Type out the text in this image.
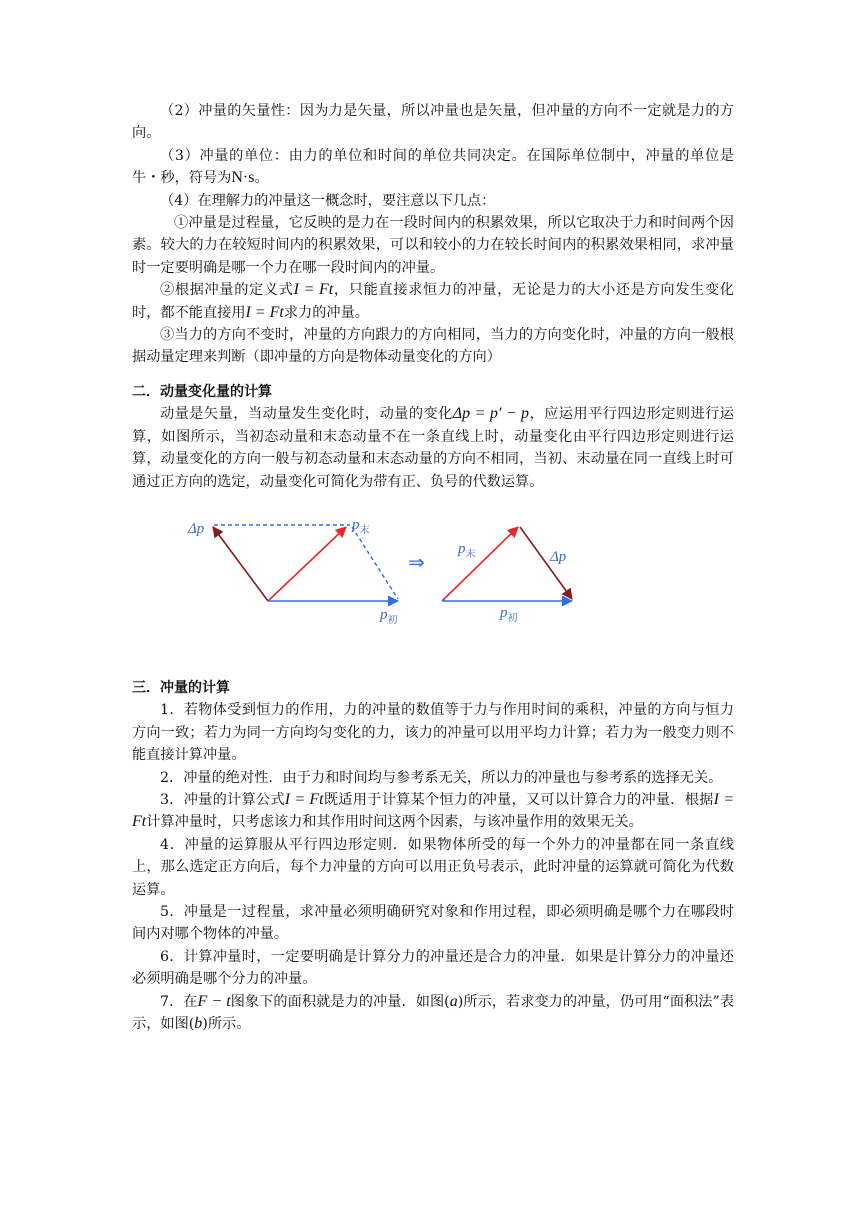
（2）冲量的矢量性：因为力是矢量，所以冲量也是矢量，但冲量的方向不一定就是力的方向。

（3）冲量的单位：由力的单位和时间的单位共同决定。在国际单位制中，冲量的单位是牛・秒，符号为N·s。

（4）在理解力的冲量这一概念时，要注意以下几点：

①冲量是过程量，它反映的是力在一段时间内的积累效果，所以它取决于力和时间两个因素。较大的力在较短时间内的积累效果，可以和较小的力在较长时间内的积累效果相同，求冲量时一定要明确是哪一个力在哪一段时间内的冲量。

②根据冲量的定义式I = Ft，只能直接求恒力的冲量，无论是力的大小还是方向发生变化时，都不能直接用I = Ft求力的冲量。

③当力的方向不变时，冲量的方向跟力的方向相同，当力的方向变化时，冲量的方向一般根据动量定理来判断（即冲量的方向是物体动量变化的方向）

二．动量变化量的计算

动量是矢量，当动量发生变化时，动量的变化Δp = p′ − p，应运用平行四边形定则进行运算，如图所示，当初态动量和末态动量不在一条直线上时，动量变化由平行四边形定则进行运算，动量变化的方向一般与初态动量和末态动量的方向不相同，当初、末动量在同一直线上时可通过正方向的选定，动量变化可简化为带有正、负号的代数运算。

Δp	$p_末$
$p_初$
⇒
$p_末$	Δp
$p_初$

三．冲量的计算

1．若物体受到恒力的作用，力的冲量的数值等于力与作用时间的乘积，冲量的方向与恒力方向一致；若力为同一方向均匀变化的力，该力的冲量可以用平均力计算；若力为一般变力则不能直接计算冲量。

2．冲量的绝对性．由于力和时间均与参考系无关，所以力的冲量也与参考系的选择无关。

3．冲量的计算公式I = Ft既适用于计算某个恒力的冲量，又可以计算合力的冲量．根据I = Ft计算冲量时，只考虑该力和其作用时间这两个因素，与该冲量作用的效果无关。

4．冲量的运算服从平行四边形定则．如果物体所受的每一个外力的冲量都在同一条直线上，那么选定正方向后，每个力冲量的方向可以用正负号表示，此时冲量的运算就可简化为代数运算。

5．冲量是一过程量，求冲量必须明确研究对象和作用过程，即必须明确是哪个力在哪段时间内对哪个物体的冲量。

6．计算冲量时，一定要明确是计算分力的冲量还是合力的冲量．如果是计算分力的冲量还必须明确是哪个分力的冲量。

7．在F − t图象下的面积就是力的冲量．如图(a)所示，若求变力的冲量，仍可用“面积法”表示，如图(b)所示。
